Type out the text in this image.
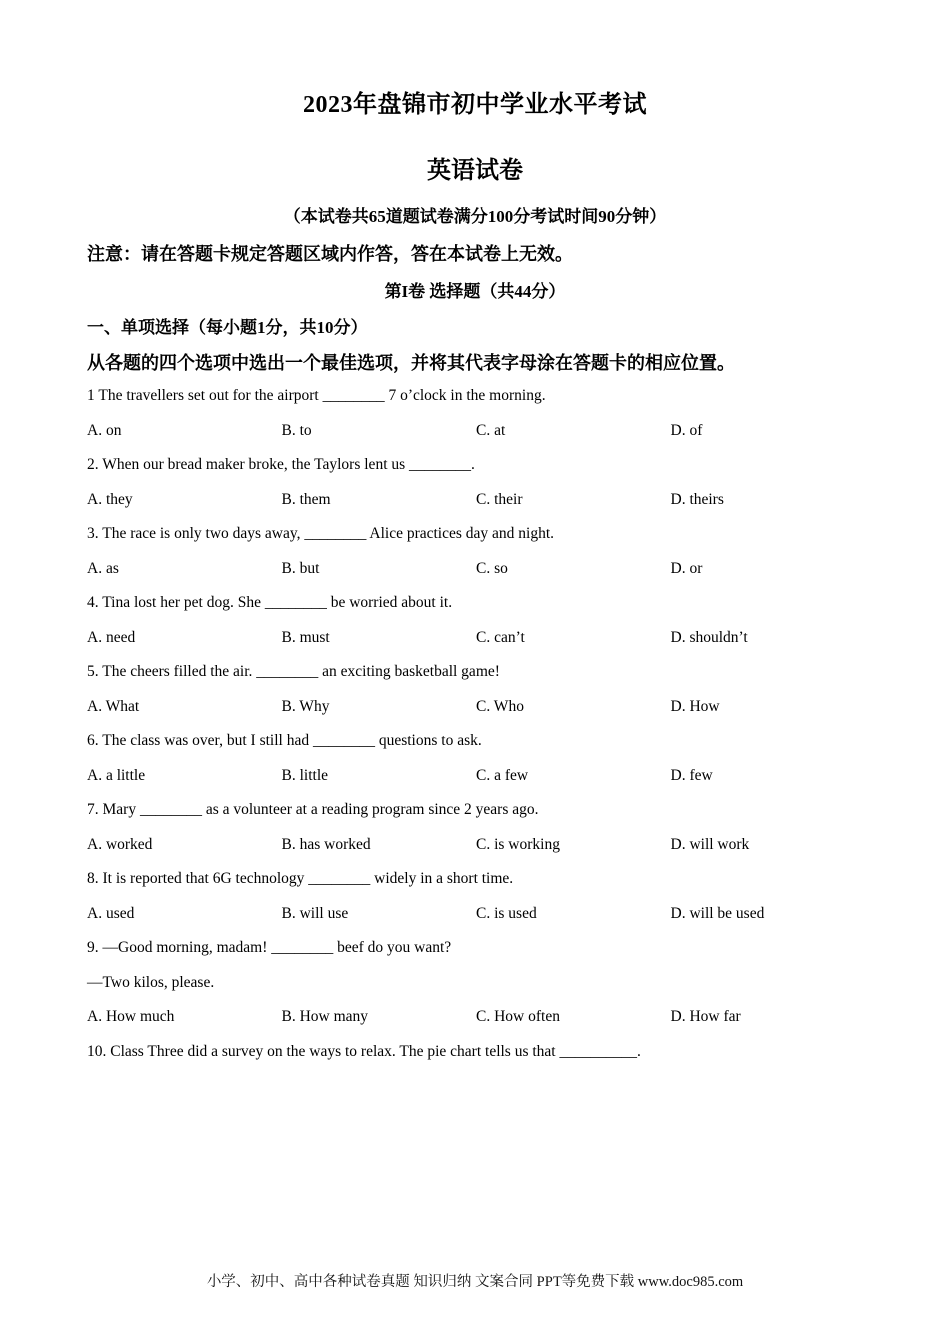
2023年盘锦市初中学业水平考试
英语试卷
（本试卷共65道题试卷满分100分考试时间90分钟）
注意：请在答题卡规定答题区域内作答，答在本试卷上无效。
第I卷 选择题（共44分）
一、单项选择（每小题1分，共10分）
从各题的四个选项中选出一个最佳选项，并将其代表字母涂在答题卡的相应位置。
1 The travellers set out for the airport ________ 7 o’clock in the morning.
A. on	B. to	C. at	D. of
2. When our bread maker broke, the Taylors lent us ________.
A. they	B. them	C. their	D. theirs
3. The race is only two days away, ________ Alice practices day and night.
A. as	B. but	C. so	D. or
4. Tina lost her pet dog. She ________ be worried about it.
A. need	B. must	C. can’t	D. shouldn’t
5. The cheers filled the air. ________ an exciting basketball game!
A. What	B. Why	C. Who	D. How
6. The class was over, but I still had ________ questions to ask.
A. a little	B. little	C. a few	D. few
7. Mary ________ as a volunteer at a reading program since 2 years ago.
A. worked	B. has worked	C. is working	D. will work
8. It is reported that 6G technology ________ widely in a short time.
A. used	B. will use	C. is used	D. will be used
9. —Good morning, madam! ________ beef do you want?
—Two kilos, please.
A. How much	B. How many	C. How often	D. How far
10. Class Three did a survey on the ways to relax. The pie chart tells us that __________.
小学、初中、高中各种试卷真题 知识归纳 文案合同 PPT等免费下载 www.doc985.com
